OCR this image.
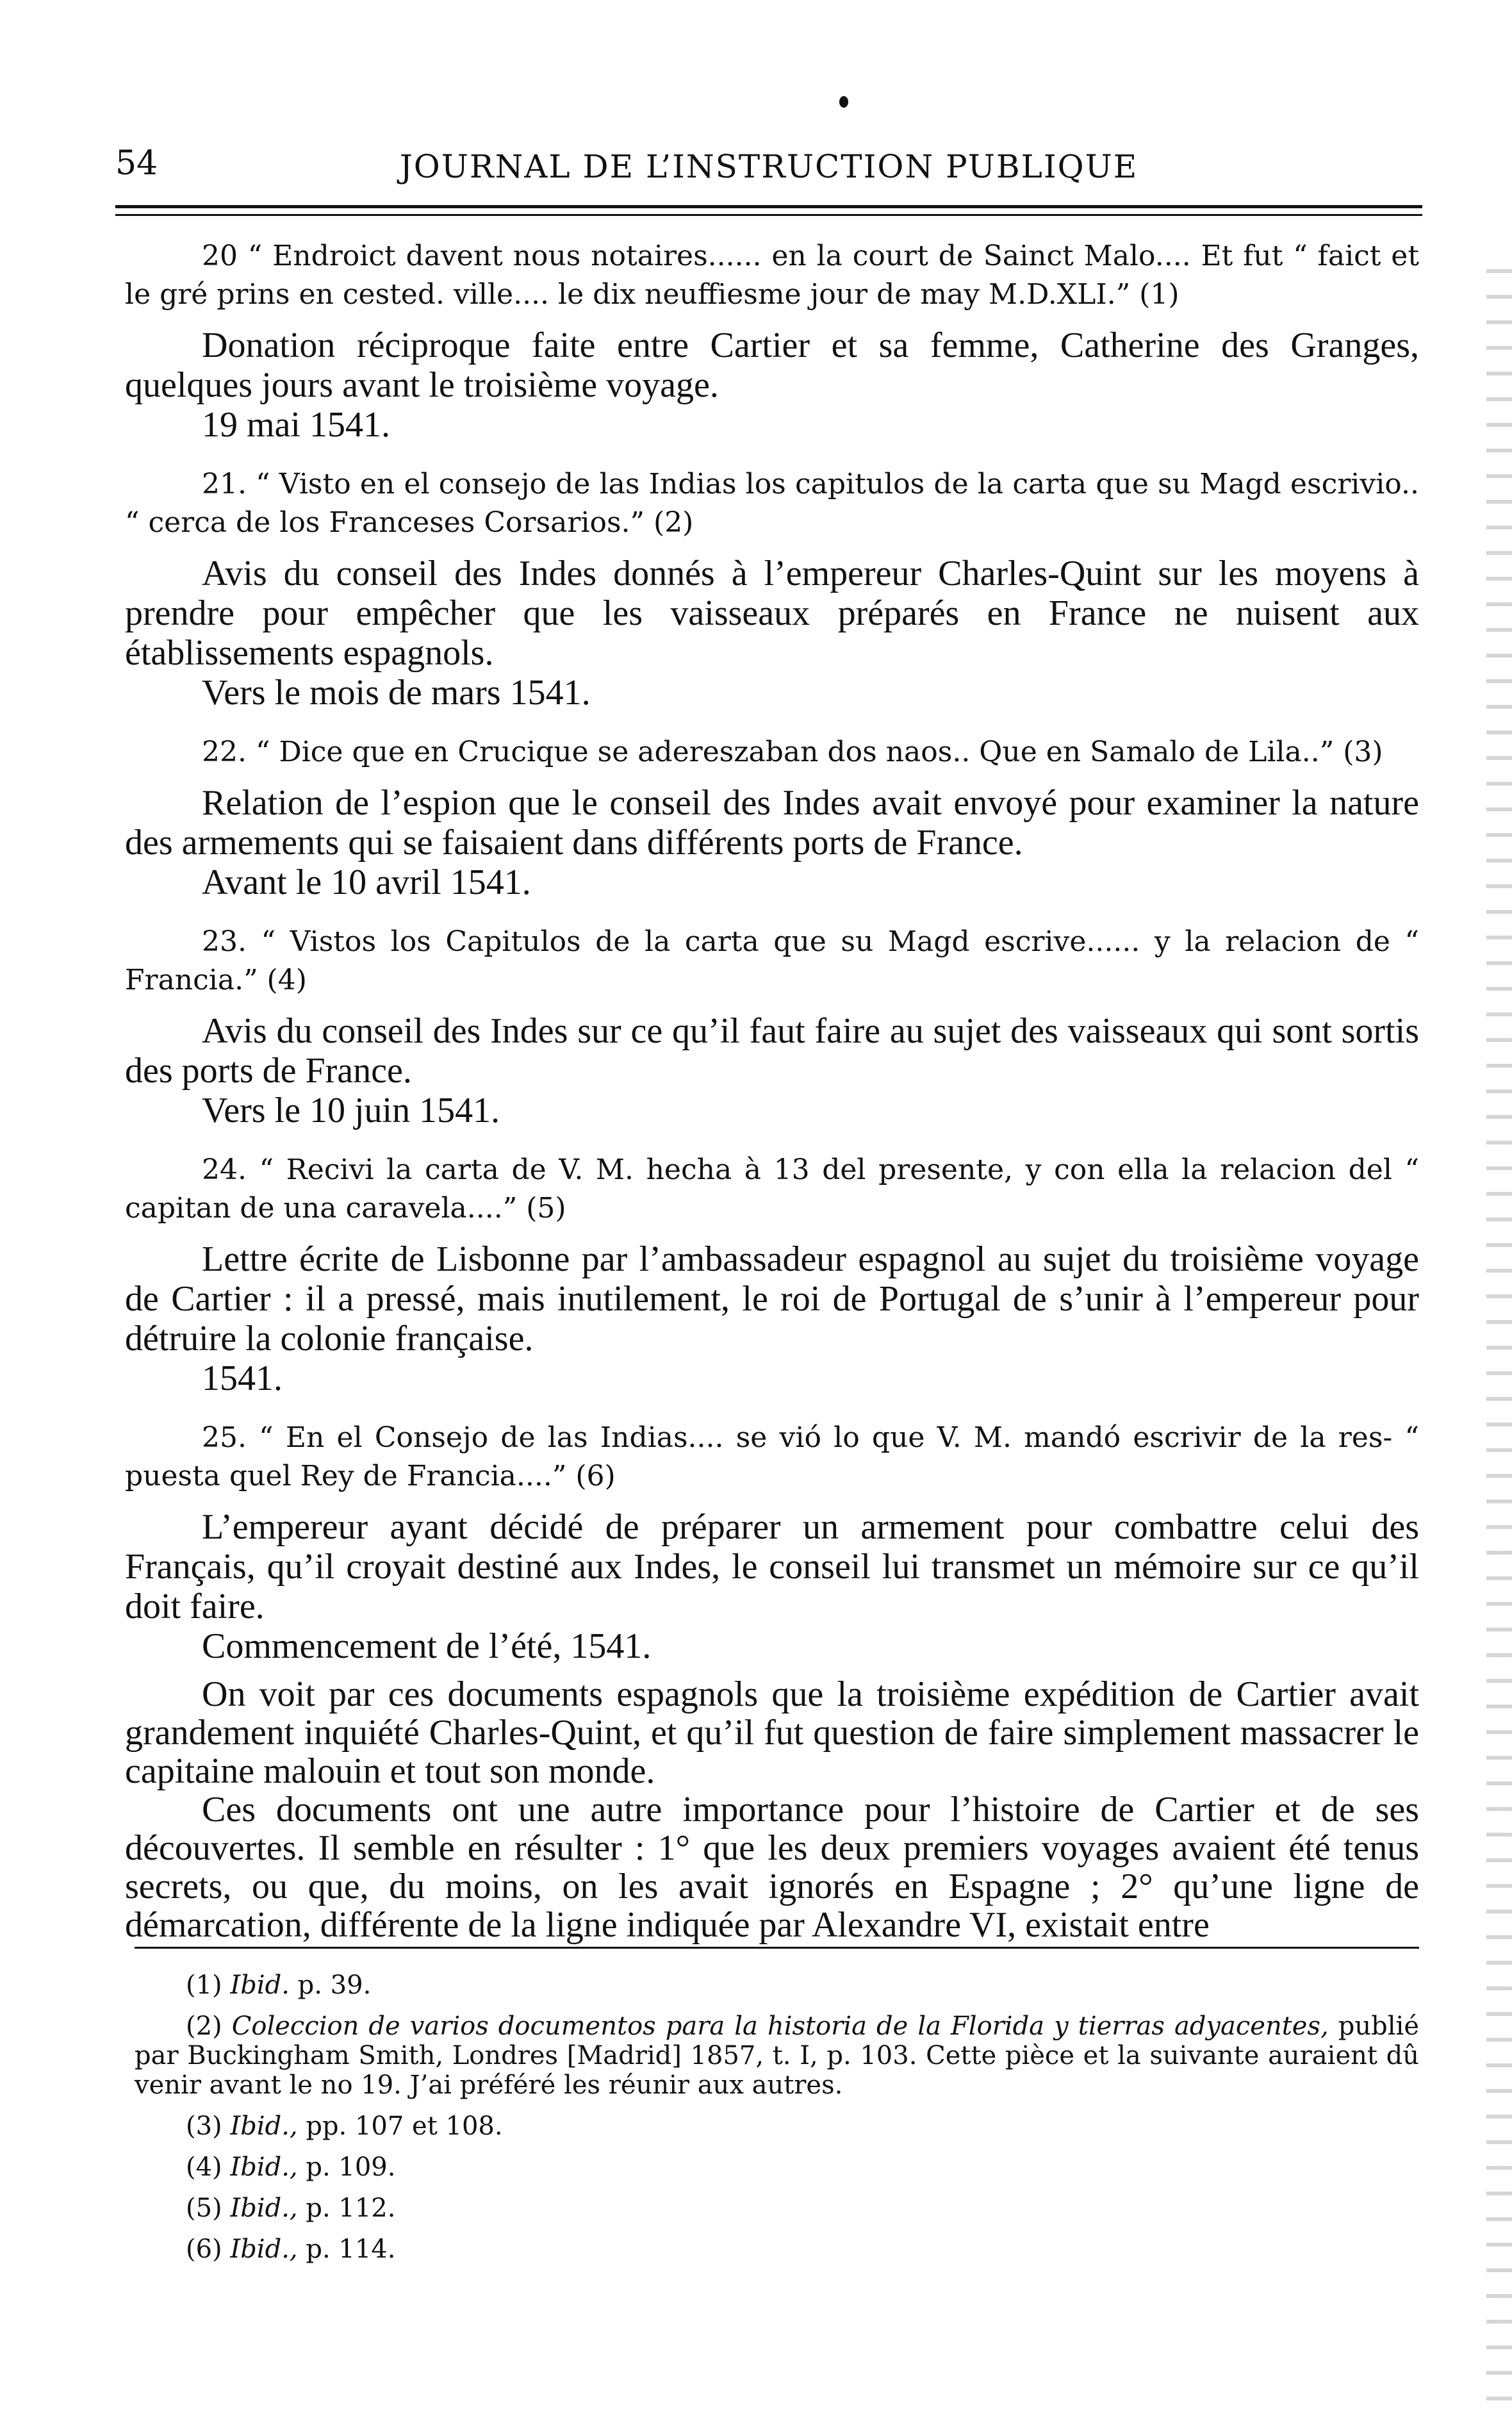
54	JOURNAL DE L’INSTRUCTION PUBLIQUE

20 “ Endroict davent nous notaires...... en la court de Sainct Malo.... Et fut “ faict et le gré prins en cested. ville.... le dix neuffiesme jour de may M.D.XLI.” (1)

Donation réciproque faite entre Cartier et sa femme, Catherine des Granges, quelques jours avant le troisième voyage.

19 mai 1541.

21. “ Visto en el consejo de las Indias los capitulos de la carta que su Magd escrivio.. “ cerca de los Franceses Corsarios.” (2)

Avis du conseil des Indes donnés à l’empereur Charles-Quint sur les moyens à prendre pour empêcher que les vaisseaux préparés en France ne nuisent aux établissements espagnols.

Vers le mois de mars 1541.

22. “ Dice que en Crucique se adereszaban dos naos.. Que en Samalo de Lila..” (3)

Relation de l’espion que le conseil des Indes avait envoyé pour examiner la nature des armements qui se faisaient dans différents ports de France.

Avant le 10 avril 1541.

23. “ Vistos los Capitulos de la carta que su Magd escrive...... y la relacion de “ Francia.” (4)

Avis du conseil des Indes sur ce qu’il faut faire au sujet des vaisseaux qui sont sortis des ports de France.

Vers le 10 juin 1541.

24. “ Recivi la carta de V. M. hecha à 13 del presente, y con ella la relacion del “ capitan de una caravela....” (5)

Lettre écrite de Lisbonne par l’ambassadeur espagnol au sujet du troisième voyage de Cartier : il a pressé, mais inutilement, le roi de Portugal de s’unir à l’empereur pour détruire la colonie française.

1541.

25. “ En el Consejo de las Indias.... se vió lo que V. M. mandó escrivir de la res- “ puesta quel Rey de Francia....” (6)

L’empereur ayant décidé de préparer un armement pour combattre celui des Français, qu’il croyait destiné aux Indes, le conseil lui transmet un mémoire sur ce qu’il doit faire.

Commencement de l’été, 1541.

On voit par ces documents espagnols que la troisième expédition de Cartier avait grandement inquiété Charles-Quint, et qu’il fut question de faire simplement massacrer le capitaine malouin et tout son monde.

Ces documents ont une autre importance pour l’histoire de Cartier et de ses découvertes. Il semble en résulter : 1° que les deux premiers voyages avaient été tenus secrets, ou que, du moins, on les avait ignorés en Espagne ; 2° qu’une ligne de démarcation, différente de la ligne indiquée par Alexandre VI, existait entre

(1) Ibid. p. 39.

(2) Coleccion de varios documentos para la historia de la Florida y tierras adyacentes, publié par Buckingham Smith, Londres [Madrid] 1857, t. I, p. 103. Cette pièce et la suivante auraient dû venir avant le no 19. J’ai préféré les réunir aux autres.

(3) Ibid., pp. 107 et 108.

(4) Ibid., p. 109.

(5) Ibid., p. 112.

(6) Ibid., p. 114.
